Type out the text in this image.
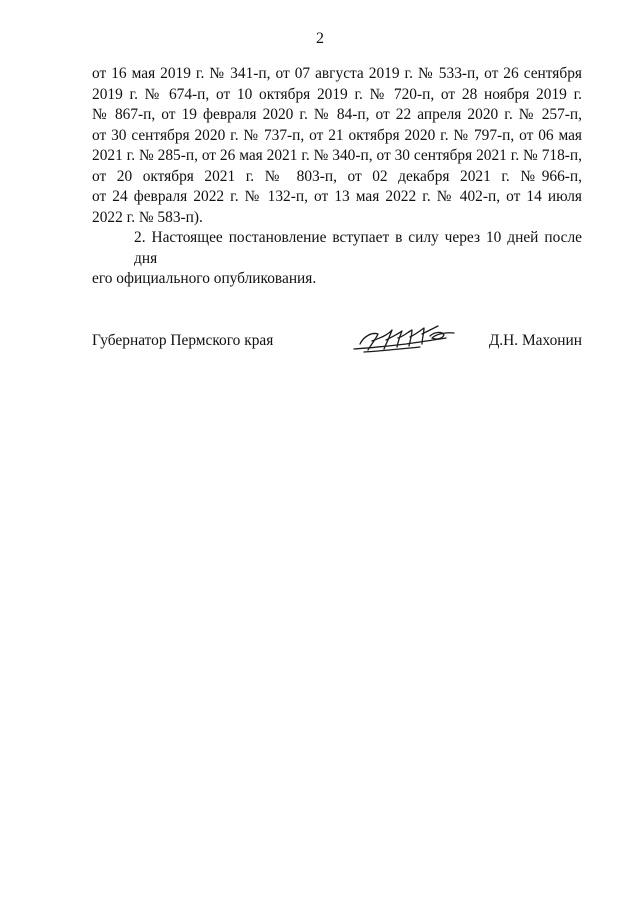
2
от 16 мая 2019 г. № 341-п, от 07 августа 2019 г. № 533-п, от 26 сентября
2019 г. № 674-п, от 10 октября 2019 г. № 720-п, от 28 ноября 2019 г.
№ 867-п, от 19 февраля 2020 г. № 84-п, от 22 апреля 2020 г. № 257-п,
от 30 сентября 2020 г. № 737-п, от 21 октября 2020 г. № 797-п, от 06 мая
2021 г. № 285-п, от 26 мая 2021 г. № 340-п, от 30 сентября 2021 г. № 718-п,
от 20 октября 2021 г. № 803-п, от 02 декабря 2021 г. №966-п,
от 24 февраля 2022 г. № 132-п, от 13 мая 2022 г. № 402-п, от 14 июля
2022 г. № 583-п).
2. Настоящее постановление вступает в силу через 10 дней после дня
его официального опубликования.
Губернатор Пермского края	Д.Н. Махонин
